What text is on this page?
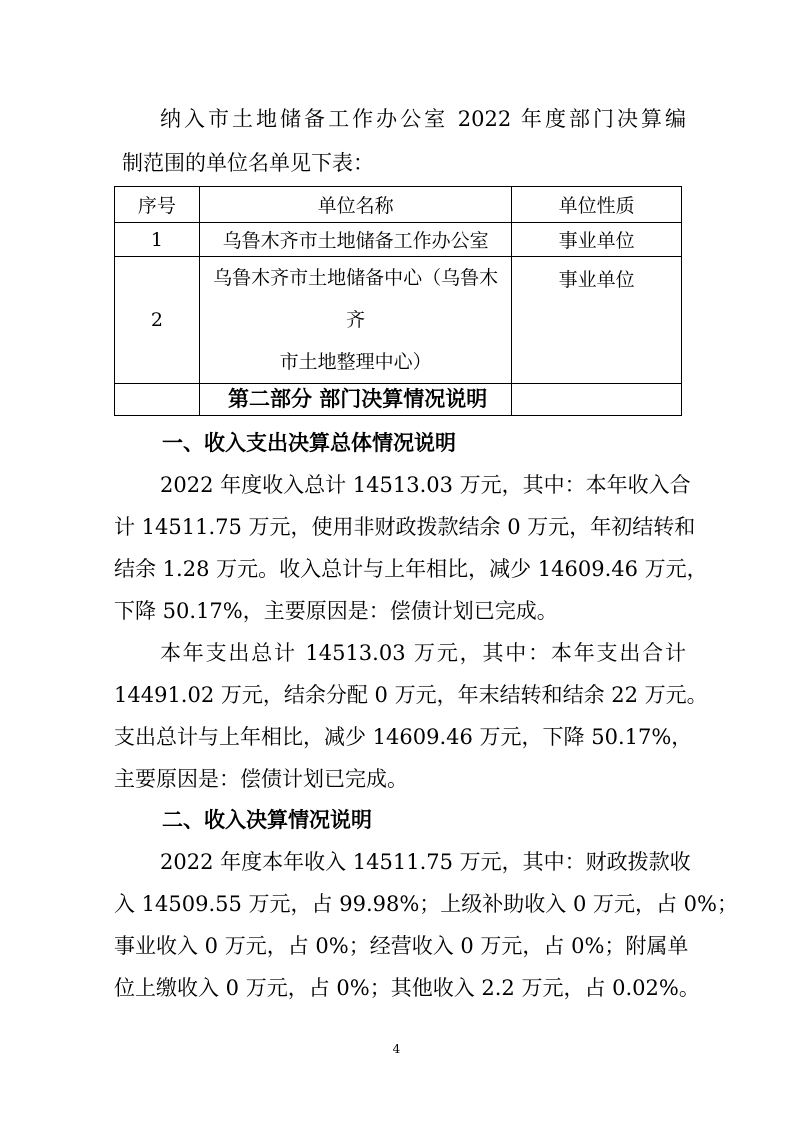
纳入市土地储备工作办公室 2022 年度部门决算编
制范围的单位名单见下表：
序号	单位名称	单位性质
1	乌鲁木齐市土地储备工作办公室	事业单位
2	乌鲁木齐市土地储备中心（乌鲁木齐
市土地整理中心）	事业单位

第二部分 部门决算情况说明
一、收入支出决算总体情况说明
2022 年度收入总计 14513.03 万元，其中：本年收入合
计 14511.75 万元，使用非财政拨款结余 0 万元，年初结转和
结余 1.28 万元。收入总计与上年相比，减少 14609.46 万元，
下降 50.17%，主要原因是：偿债计划已完成。
本年支出总计 14513.03 万元，其中：本年支出合计
14491.02 万元，结余分配 0 万元，年末结转和结余 22 万元。
支出总计与上年相比，减少 14609.46 万元，下降 50.17%，
主要原因是：偿债计划已完成。
二、收入决算情况说明
2022 年度本年收入 14511.75 万元，其中：财政拨款收
入 14509.55 万元，占 99.98%；上级补助收入 0 万元，占 0%；
事业收入 0 万元，占 0%；经营收入 0 万元，占 0%；附属单
位上缴收入 0 万元，占 0%；其他收入 2.2 万元，占 0.02%。
4
